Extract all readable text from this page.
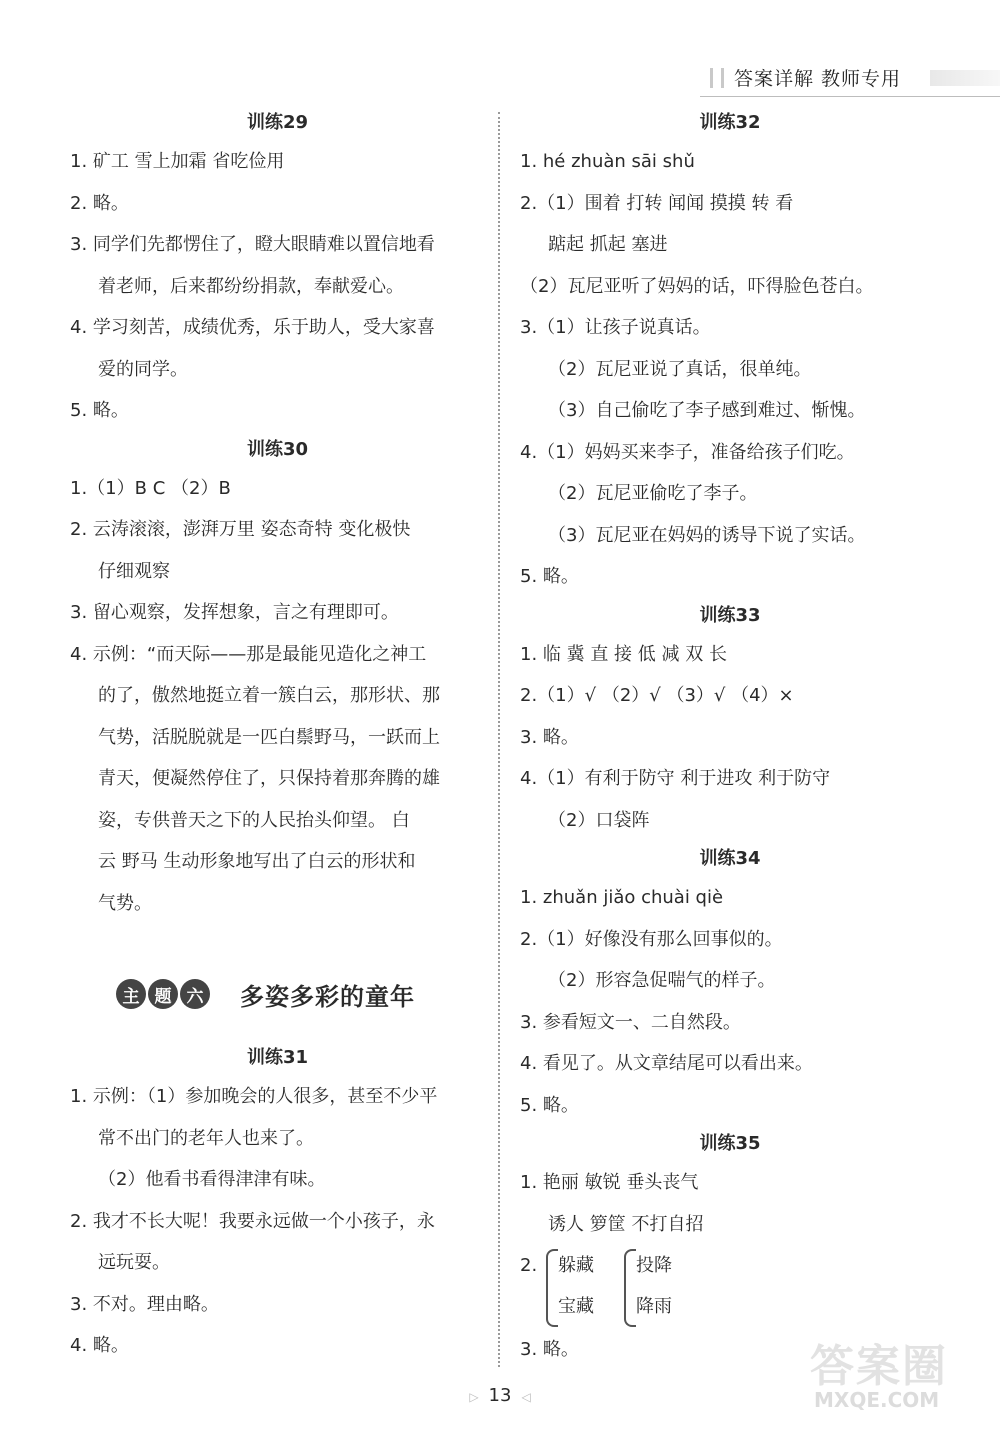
答案详解 教师专用
训练29
1. 矿工 雪上加霜 省吃俭用
2. 略。
3. 同学们先都愣住了，瞪大眼睛难以置信地看
着老师，后来都纷纷捐款，奉献爱心。
4. 学习刻苦，成绩优秀，乐于助人，受大家喜
爱的同学。
5. 略。
训练30
1.（1）B C （2）B
2. 云涛滚滚，澎湃万里 姿态奇特 变化极快
仔细观察
3. 留心观察，发挥想象，言之有理即可。
4. 示例：“而天际——那是最能见造化之神工
的了，傲然地挺立着一簇白云，那形状、那
气势，活脱脱就是一匹白鬃野马，一跃而上
青天，便凝然停住了，只保持着那奔腾的雄
姿，专供普天之下的人民抬头仰望。 白
云 野马 生动形象地写出了白云的形状和
气势。
主 题 六 多姿多彩的童年
训练31
1. 示例：（1）参加晚会的人很多，甚至不少平
常不出门的老年人也来了。
（2）他看书看得津津有味。
2. 我才不长大呢！我要永远做一个小孩子，永
远玩耍。
3. 不对。理由略。
4. 略。
训练32
1. hé zhuàn sāi shǔ
2.（1）围着 打转 闻闻 摸摸 转 看
踮起 抓起 塞进
（2）瓦尼亚听了妈妈的话，吓得脸色苍白。
3.（1）让孩子说真话。
（2）瓦尼亚说了真话，很单纯。
（3）自己偷吃了李子感到难过、惭愧。
4.（1）妈妈买来李子，准备给孩子们吃。
（2）瓦尼亚偷吃了李子。
（3）瓦尼亚在妈妈的诱导下说了实话。
5. 略。
训练33
1. 临 冀 直 接 低 减 双 长
2.（1）√ （2）√ （3）√ （4）×
3. 略。
4.（1）有利于防守 利于进攻 利于防守
（2）口袋阵
训练34
1. zhuǎn jiǎo chuài qiè
2.（1）好像没有那么回事似的。
（2）形容急促喘气的样子。
3. 参看短文一、二自然段。
4. 看见了。从文章结尾可以看出来。
5. 略。
训练35
1. 艳丽 敏锐 垂头丧气
诱人 箩筐 不打自招
2. 躲藏
宝藏
投降
降雨
3. 略。
▷ 13 ◁
答案圈
MXQE.COM
